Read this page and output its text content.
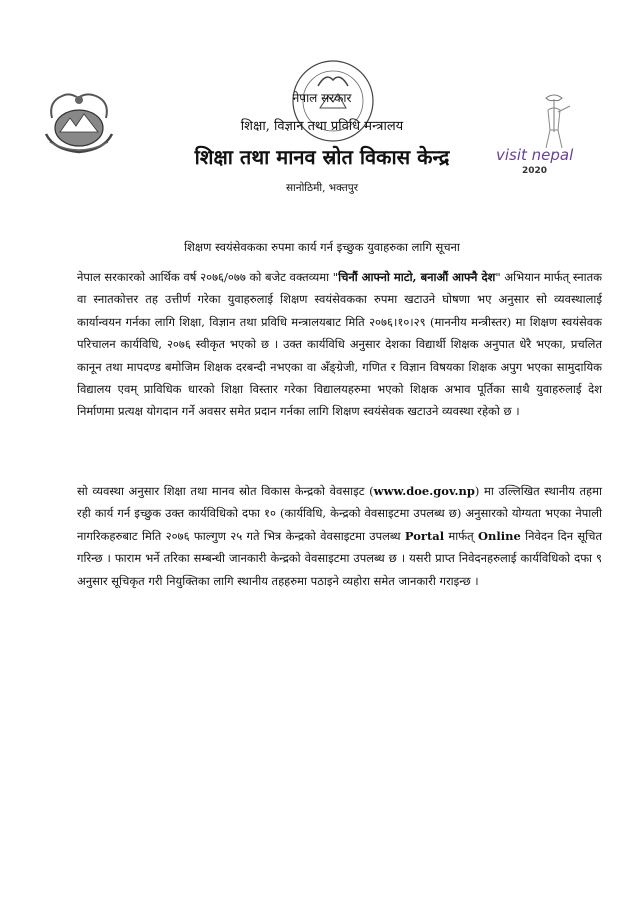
नेपाल सरकार
शिक्षा, विज्ञान तथा प्रविधि मन्त्रालय
शिक्षा तथा मानव स्रोत विकास केन्द्र
सानोठिमी, भक्तपुर
visit nepal
2020
शिक्षण स्वयंसेवकका रुपमा कार्य गर्न इच्छुक युवाहरुका लागि सूचना

नेपाल सरकारको आर्थिक वर्ष २०७६/०७७ को बजेट वक्तव्यमा "चिनौं आफ्नो माटो, बनाऔं आफ्नै देश" अभियान मार्फत् स्नातक वा स्नातकोत्तर तह उत्तीर्ण गरेका युवाहरुलाई शिक्षण स्वयंसेवकका रुपमा खटाउने घोषणा भए अनुसार सो व्यवस्थालाई कार्यान्वयन गर्नका लागि शिक्षा, विज्ञान तथा प्रविधि मन्त्रालयबाट मिति २०७६।१०।२९ (माननीय मन्त्रीस्तर) मा शिक्षण स्वयंसेवक परिचालन कार्यविधि, २०७६ स्वीकृत भएको छ । उक्त कार्यविधि अनुसार देशका विद्यार्थी शिक्षक अनुपात धेरै भएका, प्रचलित कानून तथा मापदण्ड बमोजिम शिक्षक दरबन्दी नभएका वा अँङ्ग्रेजी, गणित र विज्ञान विषयका शिक्षक अपुग भएका सामुदायिक विद्यालय एवम् प्राविधिक धारको शिक्षा विस्तार गरेका विद्यालयहरुमा भएको शिक्षक अभाव पूर्तिका साथै युवाहरुलाई देश निर्माणमा प्रत्यक्ष योगदान गर्ने अवसर समेत प्रदान गर्नका लागि शिक्षण स्वयंसेवक खटाउने व्यवस्था रहेको छ ।

सो व्यवस्था अनुसार शिक्षा तथा मानव स्रोत विकास केन्द्रको वेवसाइट (www.doe.gov.np) मा उल्लिखित स्थानीय तहमा रही कार्य गर्न इच्छुक उक्त कार्यविधिको दफा १० (कार्यविधि, केन्द्रको वेवसाइटमा उपलब्ध छ) अनुसारको योग्यता भएका नेपाली नागरिकहरुबाट मिति २०७६ फाल्गुण २५ गते भित्र केन्द्रको वेवसाइटमा उपलब्ध Portal मार्फत् Online निवेदन दिन सूचित गरिन्छ । फाराम भर्ने तरिका सम्बन्धी जानकारी केन्द्रको वेवसाइटमा उपलब्ध छ । यसरी प्राप्त निवेदनहरुलाई कार्यविधिको दफा ९ अनुसार सूचिकृत गरी नियुक्तिका लागि स्थानीय तहहरुमा पठाइने व्यहोरा समेत जानकारी गराइन्छ ।
